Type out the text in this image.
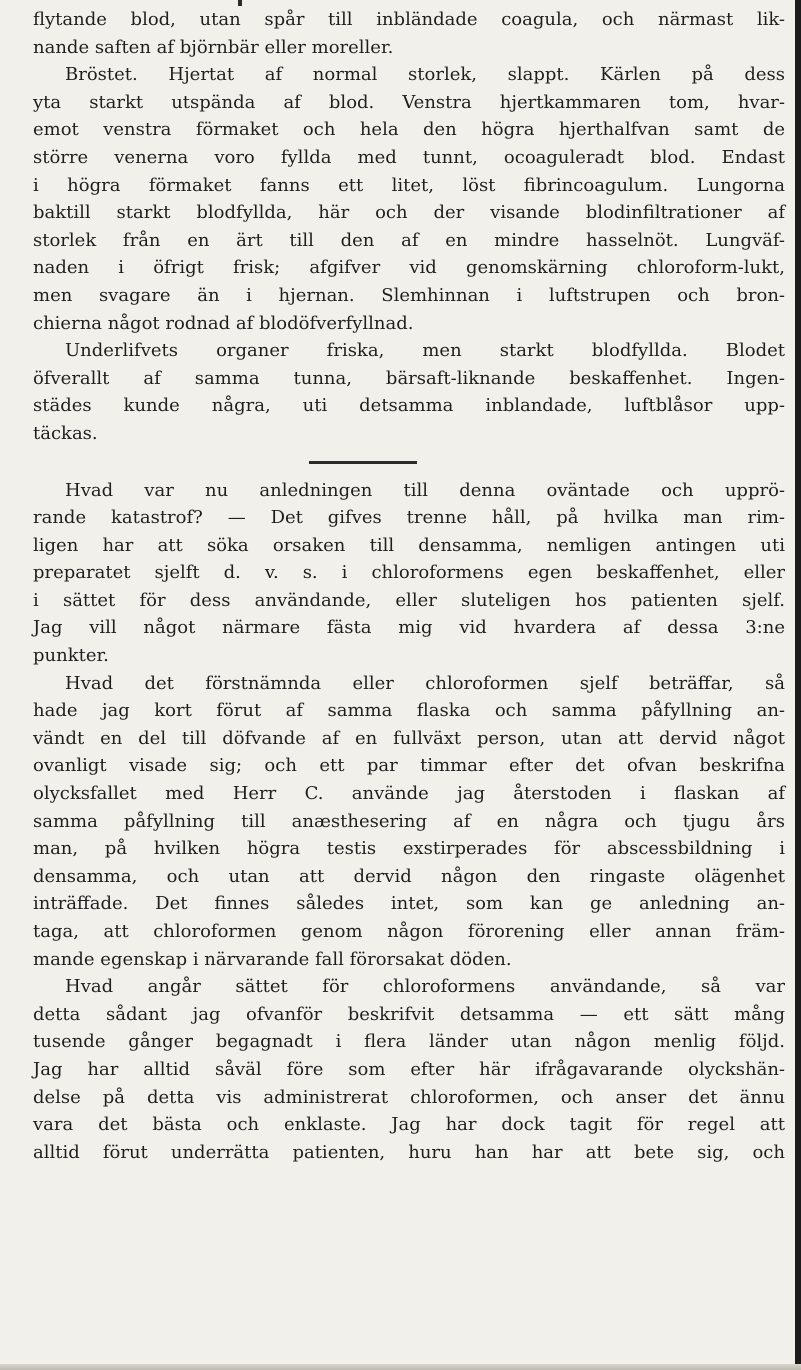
flytande blod, utan spår till inbländade coagula, och närmast lik-
nande saften af björnbär eller moreller.
Bröstet. Hjertat af normal storlek, slappt. Kärlen på dess
yta starkt utspända af blod. Venstra hjertkammaren tom, hvar-
emot venstra förmaket och hela den högra hjerthalfvan samt de
större venerna voro fyllda med tunnt, ocoaguleradt blod. Endast
i högra förmaket fanns ett litet, löst fibrincoagulum. Lungorna
baktill starkt blodfyllda, här och der visande blodinfiltrationer af
storlek från en ärt till den af en mindre hasselnöt. Lungväf-
naden i öfrigt frisk; afgifver vid genomskärning chloroform-lukt,
men svagare än i hjernan. Slemhinnan i luftstrupen och bron-
chierna något rodnad af blodöfverfyllnad.
Underlifvets organer friska, men starkt blodfyllda. Blodet
öfverallt af samma tunna, bärsaft-liknande beskaffenhet. Ingen-
städes kunde några, uti detsamma inblandade, luftblåsor upp-
täckas.
Hvad var nu anledningen till denna oväntade och upprö-
rande katastrof? — Det gifves trenne håll, på hvilka man rim-
ligen har att söka orsaken till densamma, nemligen antingen uti
preparatet sjelft d. v. s. i chloroformens egen beskaffenhet, eller
i sättet för dess användande, eller sluteligen hos patienten sjelf.
Jag vill något närmare fästa mig vid hvardera af dessa 3:ne
punkter.
Hvad det förstnämnda eller chloroformen sjelf beträffar, så
hade jag kort förut af samma flaska och samma påfyllning an-
vändt en del till döfvande af en fullväxt person, utan att dervid något
ovanligt visade sig; och ett par timmar efter det ofvan beskrifna
olycksfallet med Herr C. använde jag återstoden i flaskan af
samma påfyllning till anæsthesering af en några och tjugu års
man, på hvilken högra testis exstirperades för abscessbildning i
densamma, och utan att dervid någon den ringaste olägenhet
inträffade. Det finnes således intet, som kan ge anledning an-
taga, att chloroformen genom någon förorening eller annan främ-
mande egenskap i närvarande fall förorsakat döden.
Hvad angår sättet för chloroformens användande, så var
detta sådant jag ofvanför beskrifvit detsamma — ett sätt mång
tusende gånger begagnadt i flera länder utan någon menlig följd.
Jag har alltid såväl före som efter här ifrågavarande olyckshän-
delse på detta vis administrerat chloroformen, och anser det ännu
vara det bästa och enklaste. Jag har dock tagit för regel att
alltid förut underrätta patienten, huru han har att bete sig, och
